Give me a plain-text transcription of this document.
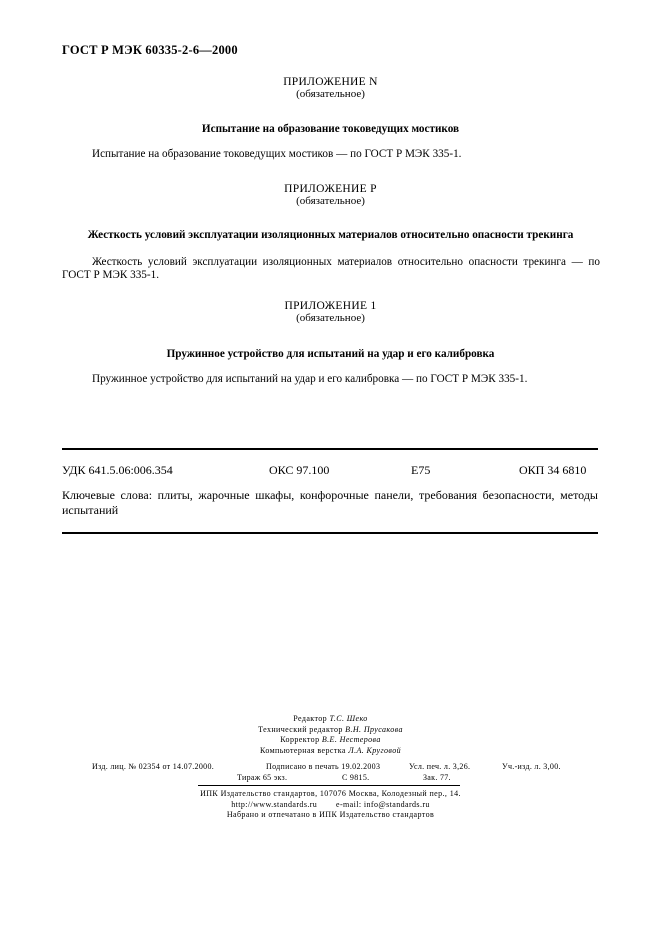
ГОСТ Р МЭК 60335-2-6—2000
ПРИЛОЖЕНИЕ N
(обязательное)
Испытание на образование токоведущих мостиков
Испытание на образование токоведущих мостиков — по ГОСТ Р МЭК 335-1.
ПРИЛОЖЕНИЕ Р
(обязательное)
Жесткость условий эксплуатации изоляционных материалов относительно опасности трекинга
Жесткость условий эксплуатации изоляционных материалов относительно опасности трекинга — по ГОСТ Р МЭК 335-1.
ПРИЛОЖЕНИЕ 1
(обязательное)
Пружинное устройство для испытаний на удар и его калибровка
Пружинное устройство для испытаний на удар и его калибровка — по ГОСТ Р МЭК 335-1.
УДК 641.5.06:006.354	ОКС 97.100	Е75	ОКП 34 6810
Ключевые слова: плиты, жарочные шкафы, конфорочные панели, требования безопасности, методы испытаний
Редактор Т.С. Шеко
Технический редактор В.Н. Прусакова
Корректор В.Е. Нестерова
Компьютерная верстка Л.А. Круговой
Изд. лиц. № 02354 от 14.07.2000.	Подписано в печать 19.02.2003	Усл. печ. л. 3,26.	Уч.-изд. л. 3,00.
Тираж 65 экз.	С 9815.	Зак. 77.
ИПК Издательство стандартов, 107076 Москва, Колодезный пер., 14.
http://www.standards.ru e-mail: info@standards.ru
Набрано и отпечатано в ИПК Издательство стандартов
